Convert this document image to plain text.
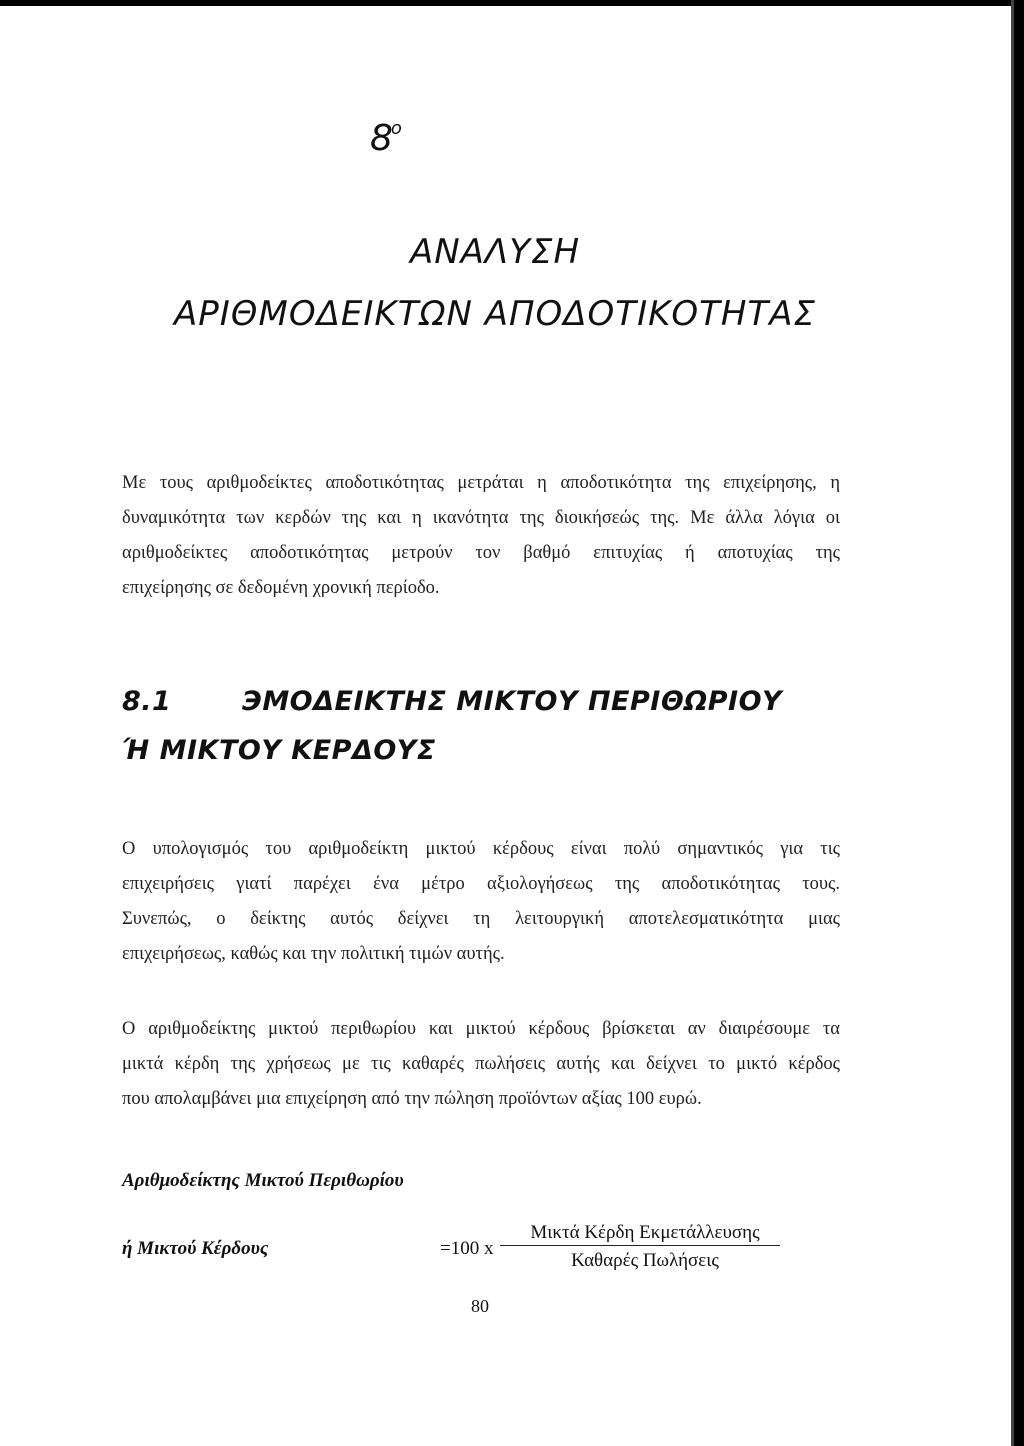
$8^o$
ΑΝΑΛΥΣΗ
ΑΡΙΘΜΟΔΕΙΚΤΩΝ ΑΠΟΔΟΤΙΚΟΤΗΤΑΣ
Με τους αριθμοδείκτες αποδοτικότητας μετράται η αποδοτικότητα της επιχείρησης, η
δυναμικότητα των κερδών της και η ικανότητα της διοικήσεώς της. Με άλλα λόγια οι
αριθμοδείκτες αποδοτικότητας μετρούν τον βαθμό επιτυχίας ή αποτυχίας της
επιχείρησης σε δεδομένη χρονική περίοδο.
8.1	ЭΜΟΔΕΙΚΤΗΣ ΜΙΚΤΟΥ ΠΕΡΙΘΩΡΙΟΥ
Ή ΜΙΚΤΟΥ ΚΕΡΔΟΥΣ
Ο υπολογισμός του αριθμοδείκτη μικτού κέρδους είναι πολύ σημαντικός για τις
επιχειρήσεις γιατί παρέχει ένα μέτρο αξιολογήσεως της αποδοτικότητας τους.
Συνεπώς, ο δείκτης αυτός δείχνει τη λειτουργική αποτελεσματικότητα μιας
επιχειρήσεως, καθώς και την πολιτική τιμών αυτής.
Ο αριθμοδείκτης μικτού περιθωρίου και μικτού κέρδους βρίσκεται αν διαιρέσουμε τα
μικτά κέρδη της χρήσεως με τις καθαρές πωλήσεις αυτής και δείχνει το μικτό κέρδος
που απολαμβάνει μια επιχείρηση από την πώληση προϊόντων αξίας 100 ευρώ.
Αριθμοδείκτης Μικτού Περιθωρίου
ή Μικτού Κέρδους	=100 x
Μικτά Κέρδη Εκμετάλλευσης
Καθαρές Πωλήσεις
80
